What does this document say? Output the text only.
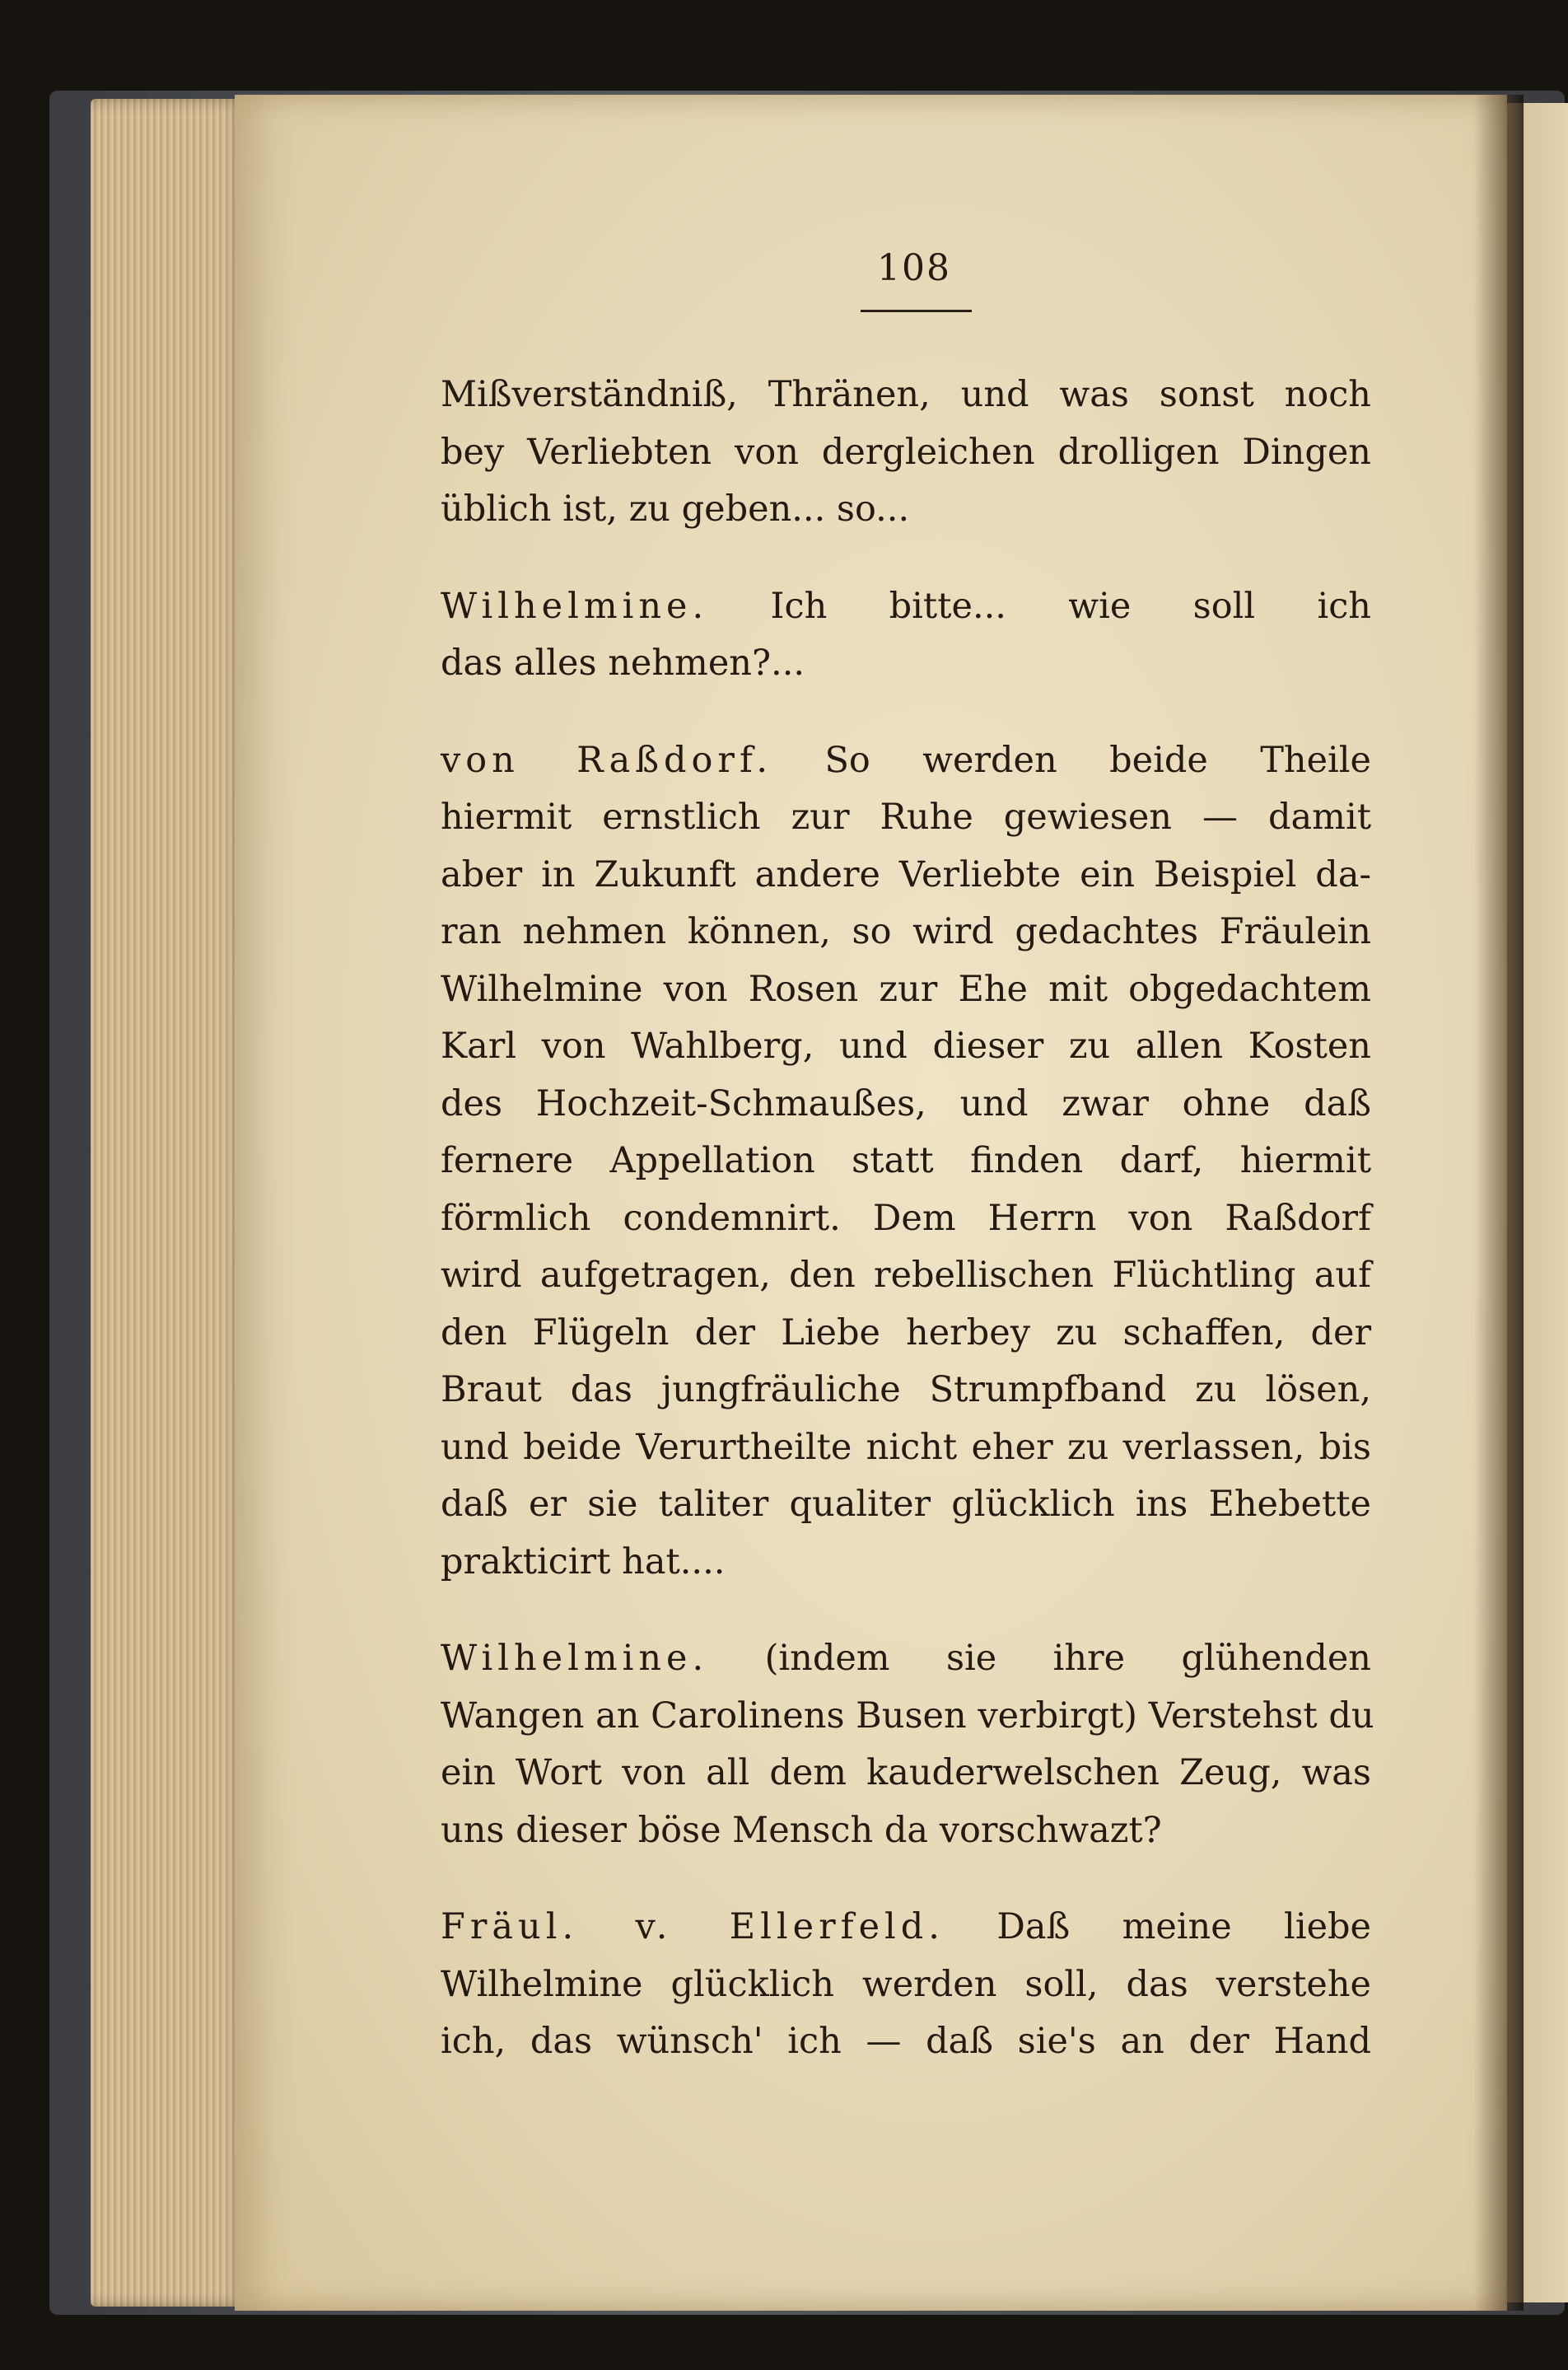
108
Mißverständniß, Thränen, und was sonst noch
bey Verliebten von dergleichen drolligen Dingen
üblich ist, zu geben... so...
Wilhelmine. Ich bitte... wie soll ich
das alles nehmen?...
von Raßdorf. So werden beide Theile
hiermit ernstlich zur Ruhe gewiesen — damit
aber in Zukunft andere Verliebte ein Beispiel da-
ran nehmen können, so wird gedachtes Fräulein
Wilhelmine von Rosen zur Ehe mit obgedachtem
Karl von Wahlberg, und dieser zu allen Kosten
des Hochzeit-Schmaußes, und zwar ohne daß
fernere Appellation statt finden darf, hiermit
förmlich condemnirt. Dem Herrn von Raßdorf
wird aufgetragen, den rebellischen Flüchtling auf
den Flügeln der Liebe herbey zu schaffen, der
Braut das jungfräuliche Strumpfband zu lösen,
und beide Verurtheilte nicht eher zu verlassen, bis
daß er sie taliter qualiter glücklich ins Ehebette
prakticirt hat....
Wilhelmine. (indem sie ihre glühenden
Wangen an Carolinens Busen verbirgt) Verstehst du
ein Wort von all dem kauderwelschen Zeug, was
uns dieser böse Mensch da vorschwazt?
Fräul. v. Ellerfeld. Daß meine liebe
Wilhelmine glücklich werden soll, das verstehe
ich, das wünsch' ich — daß sie's an der Hand
